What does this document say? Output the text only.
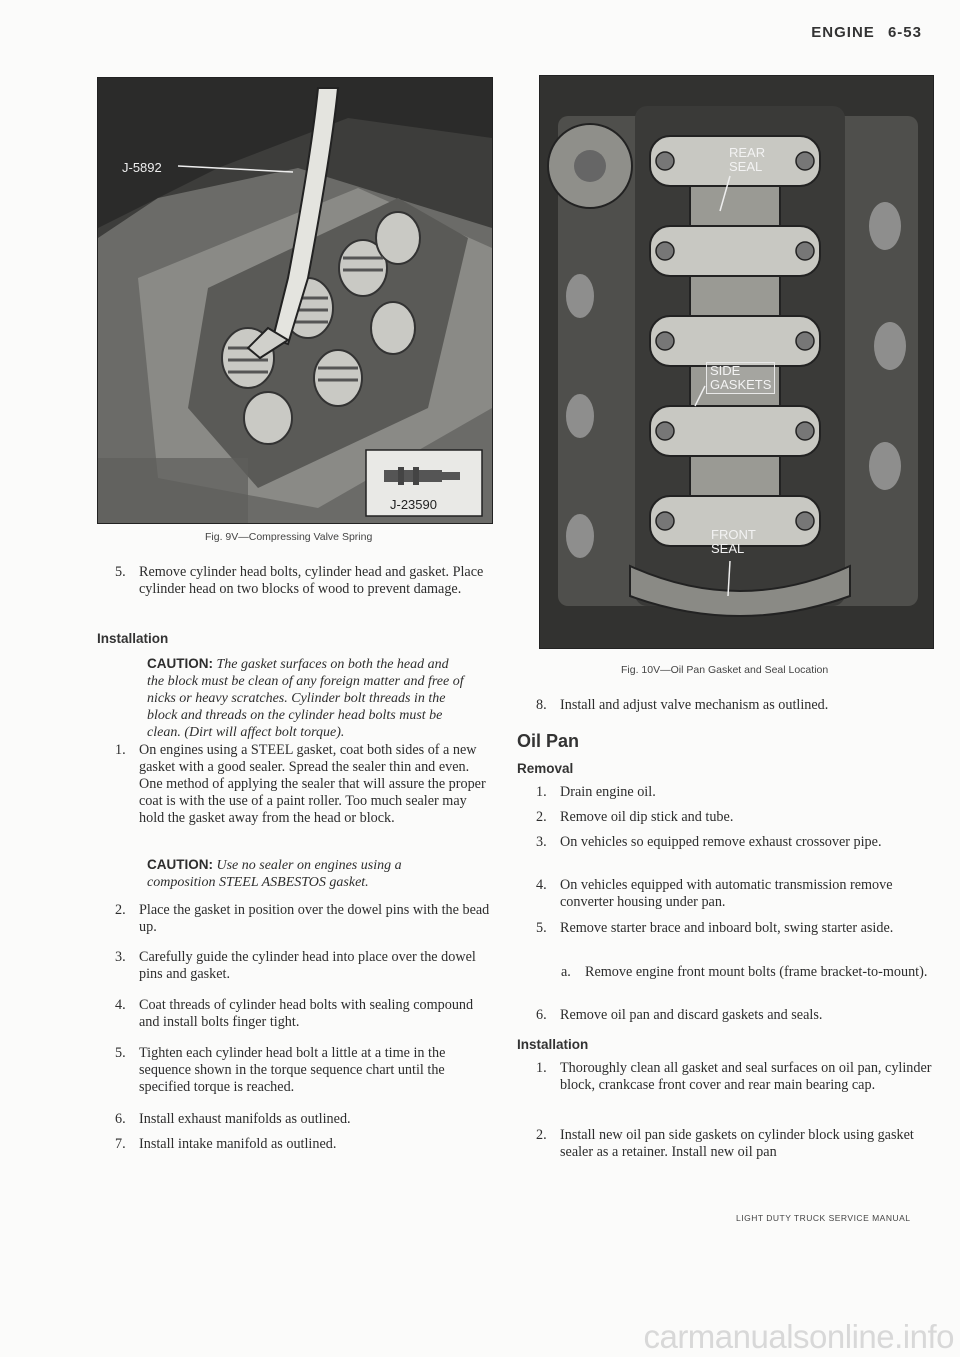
ENGINE 6-53
J-5892
J-23590
Fig. 9V—Compressing Valve Spring
REAR
SEAL
SIDE
GASKETS
FRONT
SEAL
Fig. 10V—Oil Pan Gasket and Seal Location
5. Remove cylinder head bolts, cylinder head and gasket. Place cylinder head on two blocks of wood to prevent damage.
Installation
CAUTION: The gasket surfaces on both the head and the block must be clean of any foreign matter and free of nicks or heavy scratches. Cylinder bolt threads in the block and threads on the cylinder head bolts must be clean. (Dirt will affect bolt torque).
1. On engines using a STEEL gasket, coat both sides of a new gasket with a good sealer. Spread the sealer thin and even. One method of applying the sealer that will assure the proper coat is with the use of a paint roller. Too much sealer may hold the gasket away from the head or block.
CAUTION: Use no sealer on engines using a composition STEEL ASBESTOS gasket.
2. Place the gasket in position over the dowel pins with the bead up.
3. Carefully guide the cylinder head into place over the dowel pins and gasket.
4. Coat threads of cylinder head bolts with sealing compound and install bolts finger tight.
5. Tighten each cylinder head bolt a little at a time in the sequence shown in the torque sequence chart until the specified torque is reached.
6. Install exhaust manifolds as outlined.
7. Install intake manifold as outlined.
8. Install and adjust valve mechanism as outlined.
Oil Pan
Removal
1. Drain engine oil.
2. Remove oil dip stick and tube.
3. On vehicles so equipped remove exhaust crossover pipe.
4. On vehicles equipped with automatic transmission remove converter housing under pan.
5. Remove starter brace and inboard bolt, swing starter aside.
a. Remove engine front mount bolts (frame bracket-to-mount).
6. Remove oil pan and discard gaskets and seals.
Installation
1. Thoroughly clean all gasket and seal surfaces on oil pan, cylinder block, crankcase front cover and rear main bearing cap.
2. Install new oil pan side gaskets on cylinder block using gasket sealer as a retainer. Install new oil pan
LIGHT DUTY TRUCK SERVICE MANUAL
carmanualsonline.info
